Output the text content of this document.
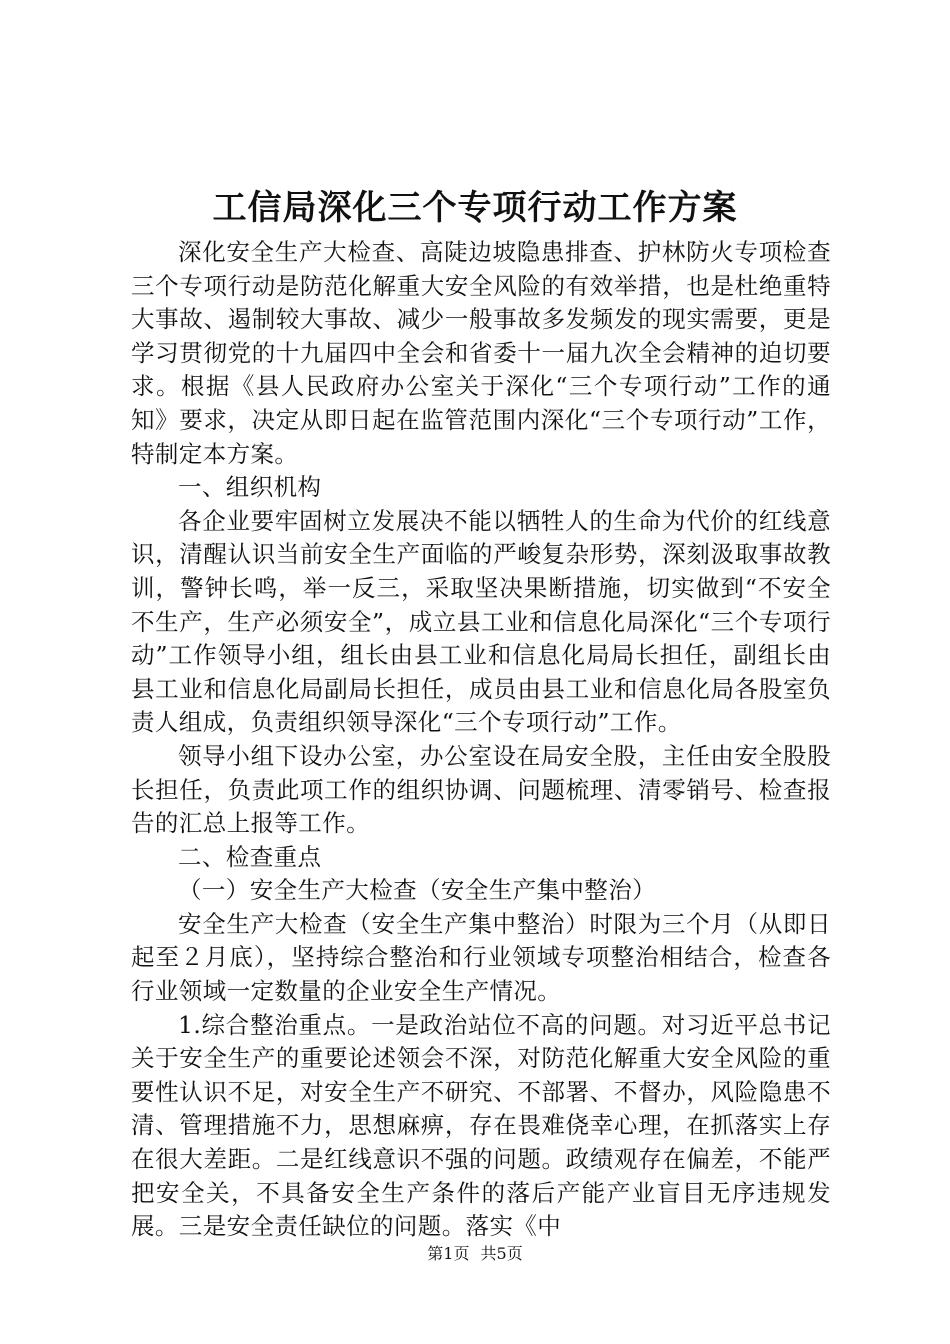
工信局深化三个专项行动工作方案

深化安全生产大检查、高陡边坡隐患排查、护林防火专项检查三个专项行动是防范化解重大安全风险的有效举措，也是杜绝重特大事故、遏制较大事故、减少一般事故多发频发的现实需要，更是学习贯彻党的十九届四中全会和省委十一届九次全会精神的迫切要求。根据《县人民政府办公室关于深化“三个专项行动”工作的通知》要求，决定从即日起在监管范围内深化“三个专项行动”工作，特制定本方案。

一、组织机构

各企业要牢固树立发展决不能以牺牲人的生命为代价的红线意识，清醒认识当前安全生产面临的严峻复杂形势，深刻汲取事故教训，警钟长鸣，举一反三，采取坚决果断措施，切实做到“不安全不生产，生产必须安全”，成立县工业和信息化局深化“三个专项行动”工作领导小组，组长由县工业和信息化局局长担任，副组长由县工业和信息化局副局长担任，成员由县工业和信息化局各股室负责人组成，负责组织领导深化“三个专项行动”工作。

领导小组下设办公室，办公室设在局安全股，主任由安全股股长担任，负责此项工作的组织协调、问题梳理、清零销号、检查报告的汇总上报等工作。

二、检查重点

（一）安全生产大检查（安全生产集中整治）

安全生产大检查（安全生产集中整治）时限为三个月（从即日起至２月底），坚持综合整治和行业领域专项整治相结合，检查各行业领域一定数量的企业安全生产情况。

1.综合整治重点。一是政治站位不高的问题。对习近平总书记关于安全生产的重要论述领会不深，对防范化解重大安全风险的重要性认识不足，对安全生产不研究、不部署、不督办，风险隐患不清、管理措施不力，思想麻痹，存在畏难侥幸心理，在抓落实上存在很大差距。二是红线意识不强的问题。政绩观存在偏差，不能严把安全关，不具备安全生产条件的落后产能产业盲目无序违规发展。三是安全责任缺位的问题。落实《中

第1页 共5页
